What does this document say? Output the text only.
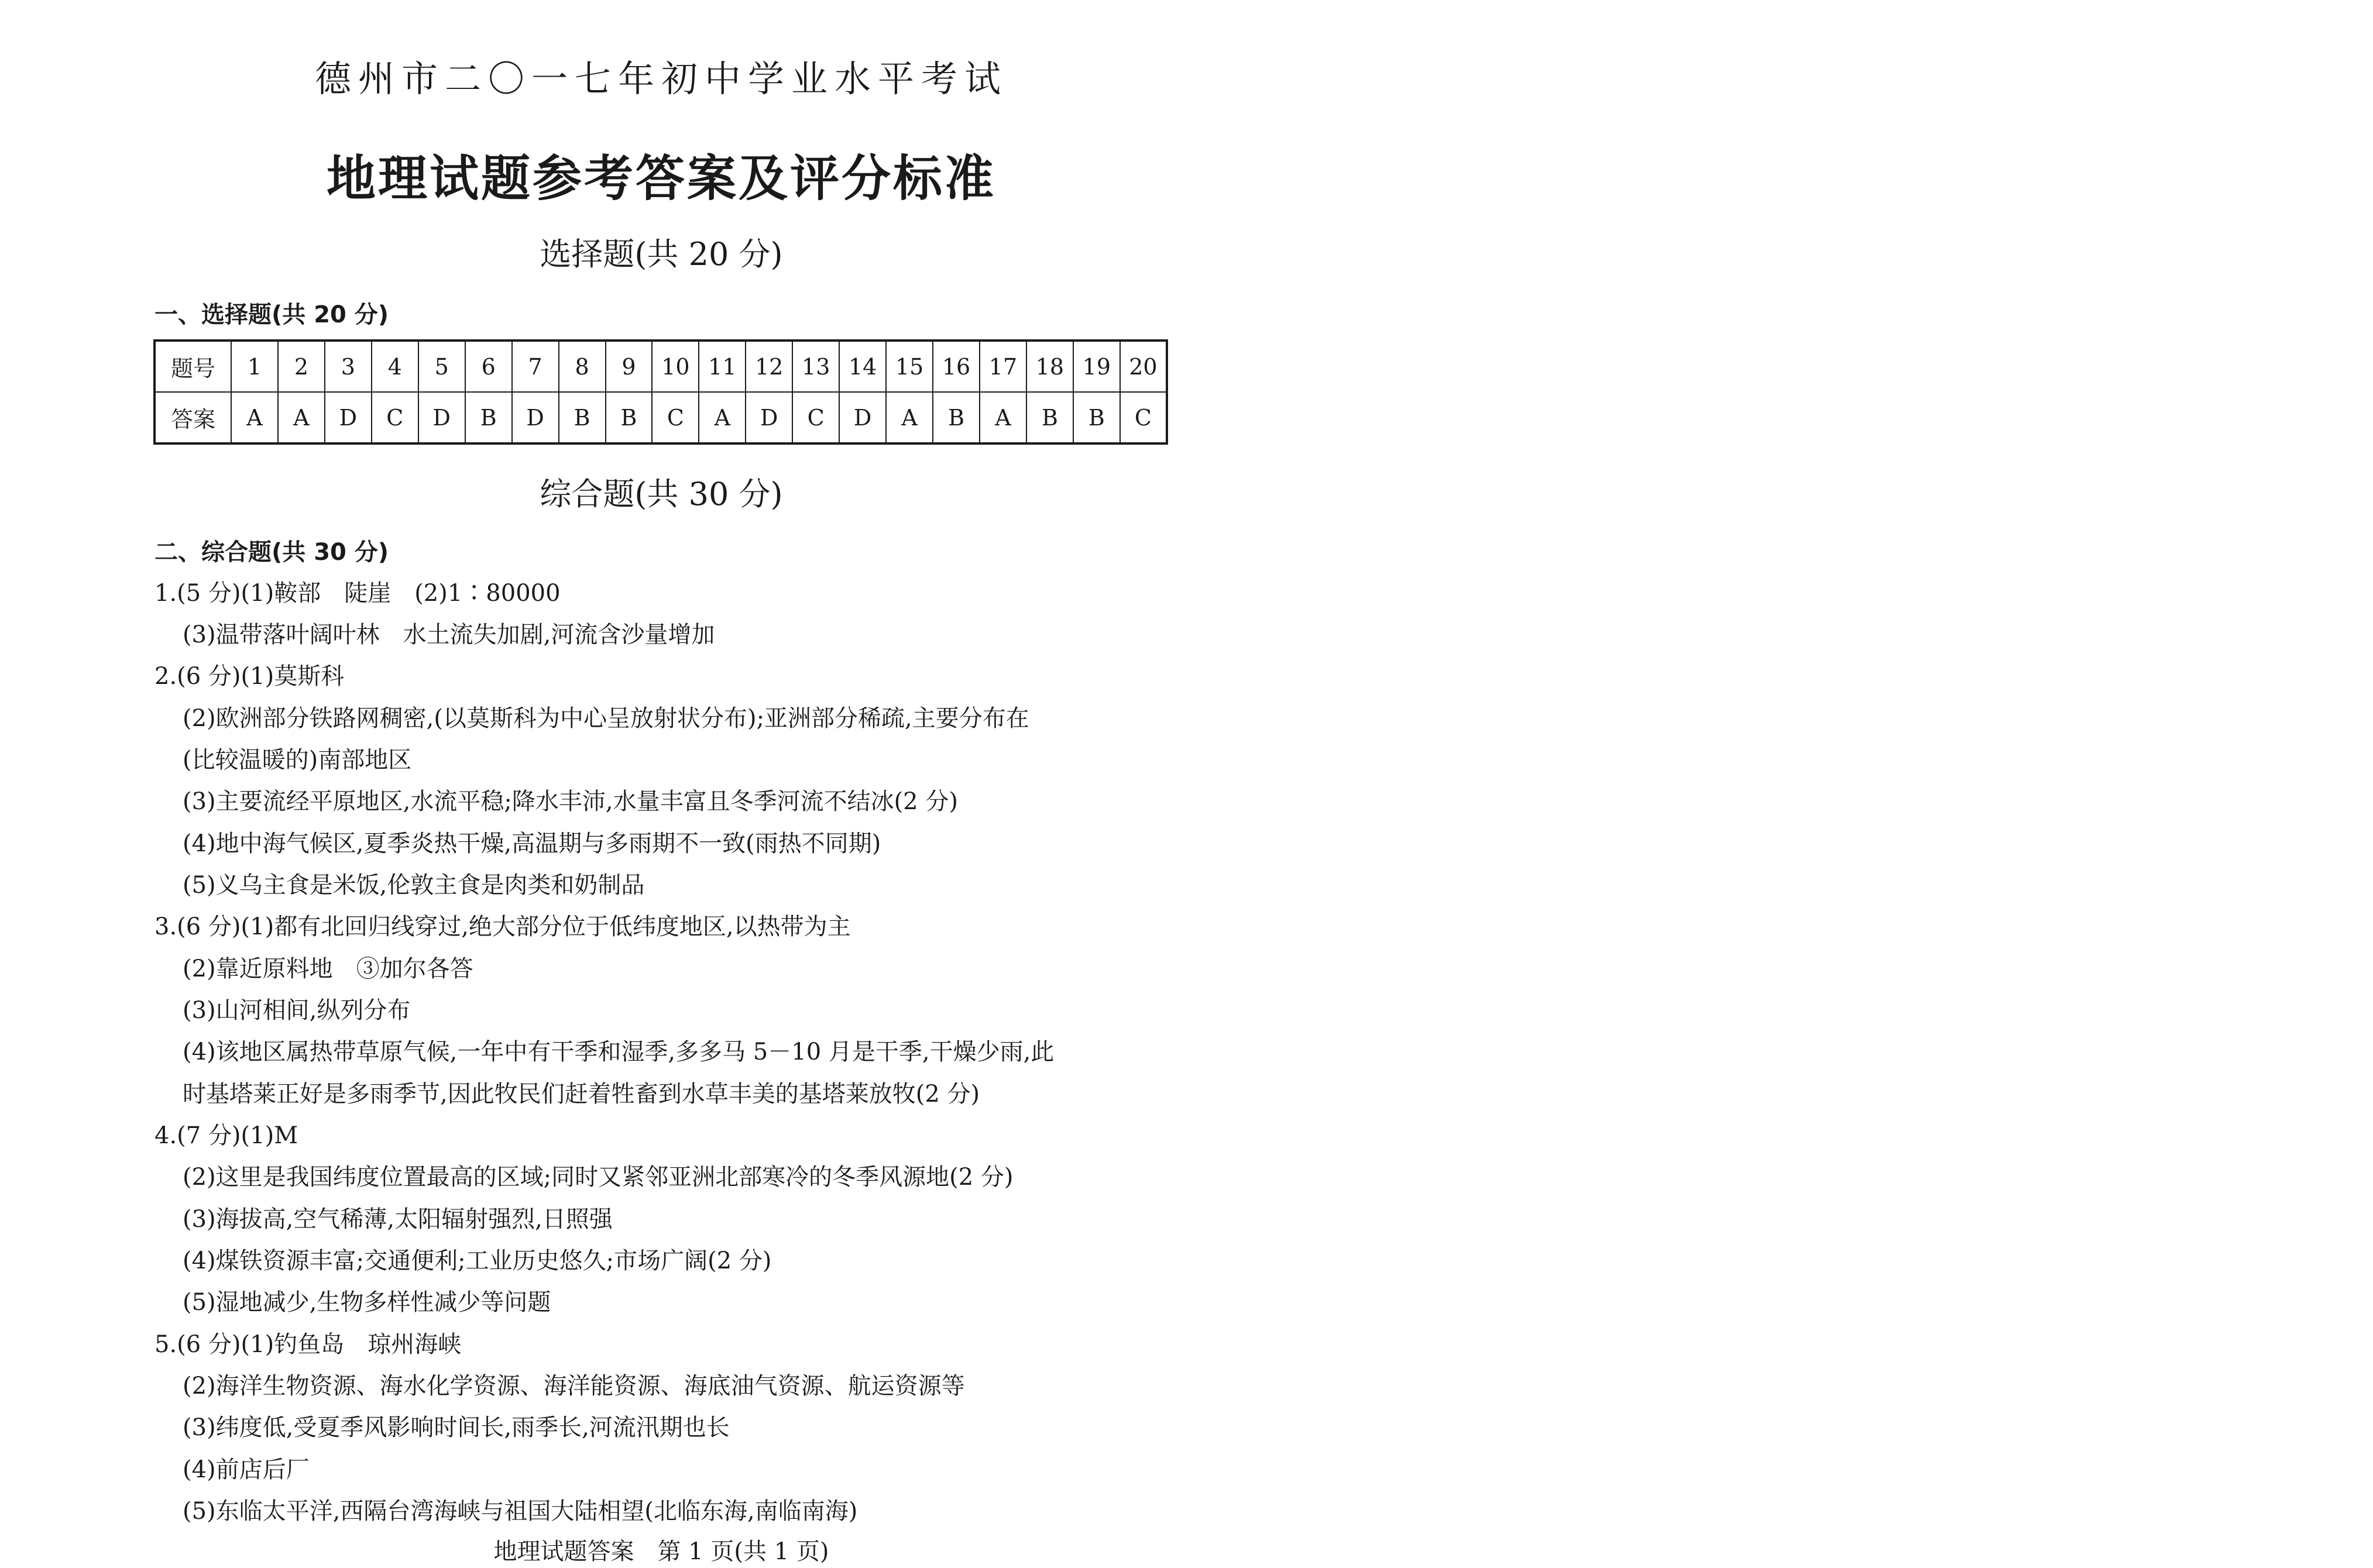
德州市二〇一七年初中学业水平考试
地理试题参考答案及评分标准
选择题(共 20 分)
一、选择题(共 20 分)
题号	1	2	3	4	5	6	7	8	9	10	11	12	13	14	15	16	17	18	19	20
答案	A	A	D	C	D	B	D	B	B	C	A	D	C	D	A	B	A	B	B	C
综合题(共 30 分)
二、综合题(共 30 分)
1.(5 分)(1)鞍部　陡崖　(2)1∶80000
(3)温带落叶阔叶林　水土流失加剧,河流含沙量增加
2.(6 分)(1)莫斯科
(2)欧洲部分铁路网稠密,(以莫斯科为中心呈放射状分布);亚洲部分稀疏,主要分布在
(比较温暖的)南部地区
(3)主要流经平原地区,水流平稳;降水丰沛,水量丰富且冬季河流不结冰(2 分)
(4)地中海气候区,夏季炎热干燥,高温期与多雨期不一致(雨热不同期)
(5)义乌主食是米饭,伦敦主食是肉类和奶制品
3.(6 分)(1)都有北回归线穿过,绝大部分位于低纬度地区,以热带为主
(2)靠近原料地　③加尔各答
(3)山河相间,纵列分布
(4)该地区属热带草原气候,一年中有干季和湿季,多多马 5－10 月是干季,干燥少雨,此
时基塔莱正好是多雨季节,因此牧民们赶着牲畜到水草丰美的基塔莱放牧(2 分)
4.(7 分)(1)M
(2)这里是我国纬度位置最高的区域;同时又紧邻亚洲北部寒冷的冬季风源地(2 分)
(3)海拔高,空气稀薄,太阳辐射强烈,日照强
(4)煤铁资源丰富;交通便利;工业历史悠久;市场广阔(2 分)
(5)湿地减少,生物多样性减少等问题
5.(6 分)(1)钓鱼岛　琼州海峡
(2)海洋生物资源、海水化学资源、海洋能资源、海底油气资源、航运资源等
(3)纬度低,受夏季风影响时间长,雨季长,河流汛期也长
(4)前店后厂
(5)东临太平洋,西隔台湾海峡与祖国大陆相望(北临东海,南临南海)
地理试题答案　第 1 页(共 1 页)
